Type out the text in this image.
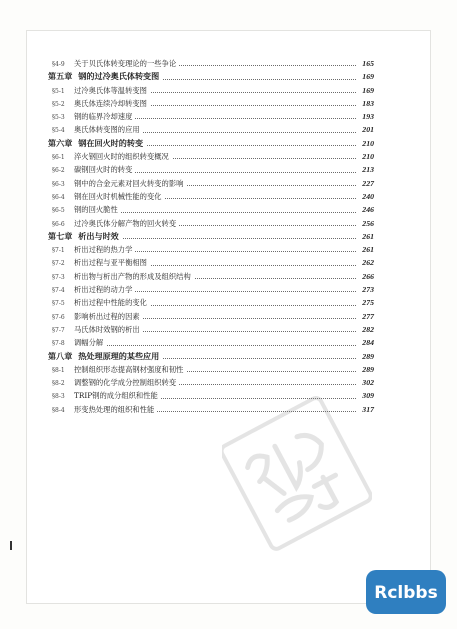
§4-9 关于贝氏体转变理论的一些争论	165
第五章 钢的过冷奥氏体转变图	169
§5-1 过冷奥氏体等温转变图	169
§5-2 奥氏体连续冷却转变图	183
§5-3 钢的临界冷却速度	193
§5-4 奥氏体转变图的应用	201
第六章 钢在回火时的转变	210
§6-1 淬火钢回火时的组织转变概况	210
§6-2 碳钢回火时的转变	213
§6-3 钢中的合金元素对回火转变的影响	227
§6-4 钢在回火时机械性能的变化	240
§6-5 钢的回火脆性	246
§6-6 过冷奥氏体分解产物的回火转变	256
第七章 析出与时效	261
§7-1 析出过程的热力学	261
§7-2 析出过程与亚平衡相图	262
§7-3 析出物与析出产物的形成及组织结构	266
§7-4 析出过程的动力学	273
§7-5 析出过程中性能的变化	275
§7-6 影响析出过程的因素	277
§7-7 马氏体时效钢的析出	282
§7-8 调幅分解	284
第八章 热处理原理的某些应用	289
§8-1 控制组织形态提高钢材强度和韧性	289
§8-2 调整钢的化学成分控制组织转变	302
§8-3 TRIP钢的成分组织和性能	309
§8-4 形变热处理的组织和性能	317
Rclbbs
